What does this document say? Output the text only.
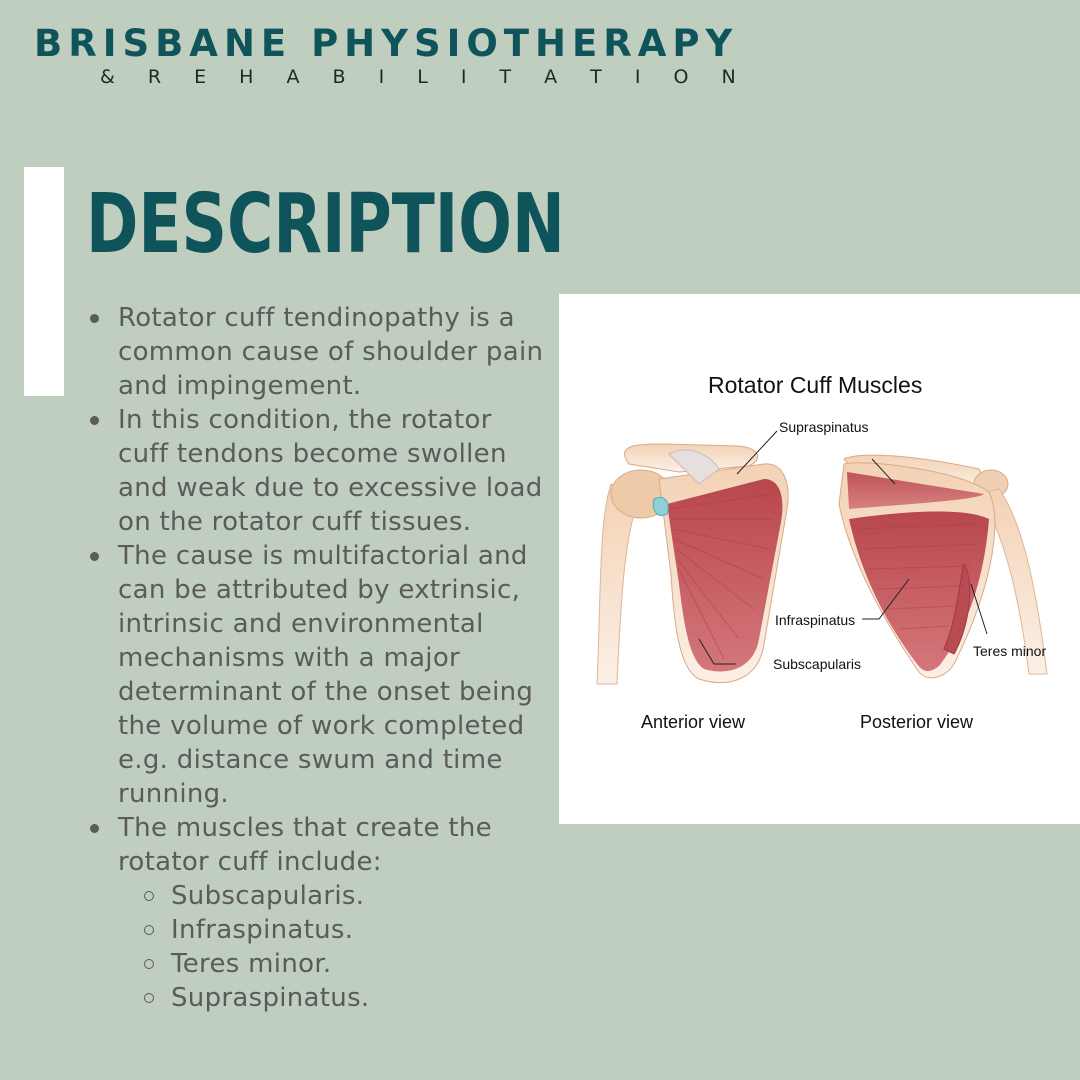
BRISBANE PHYSIOTHERAPY
& R E H A B I L I T A T I O N
DESCRIPTION
Rotator cuff tendinopathy is a common cause of shoulder pain and impingement.
In this condition, the rotator cuff tendons become swollen and weak due to excessive load on the rotator cuff tissues.
The cause is multifactorial and can be attributed by extrinsic, intrinsic and environmental mechanisms with a major determinant of the onset being the volume of work completed e.g. distance swum and time running.
The muscles that create the rotator cuff include:
Subscapularis.
Infraspinatus.
Teres minor.
Supraspinatus.
Rotator Cuff Muscles
Supraspinatus
Infraspinatus
Subscapularis
Teres minor
Anterior view	Posterior view
